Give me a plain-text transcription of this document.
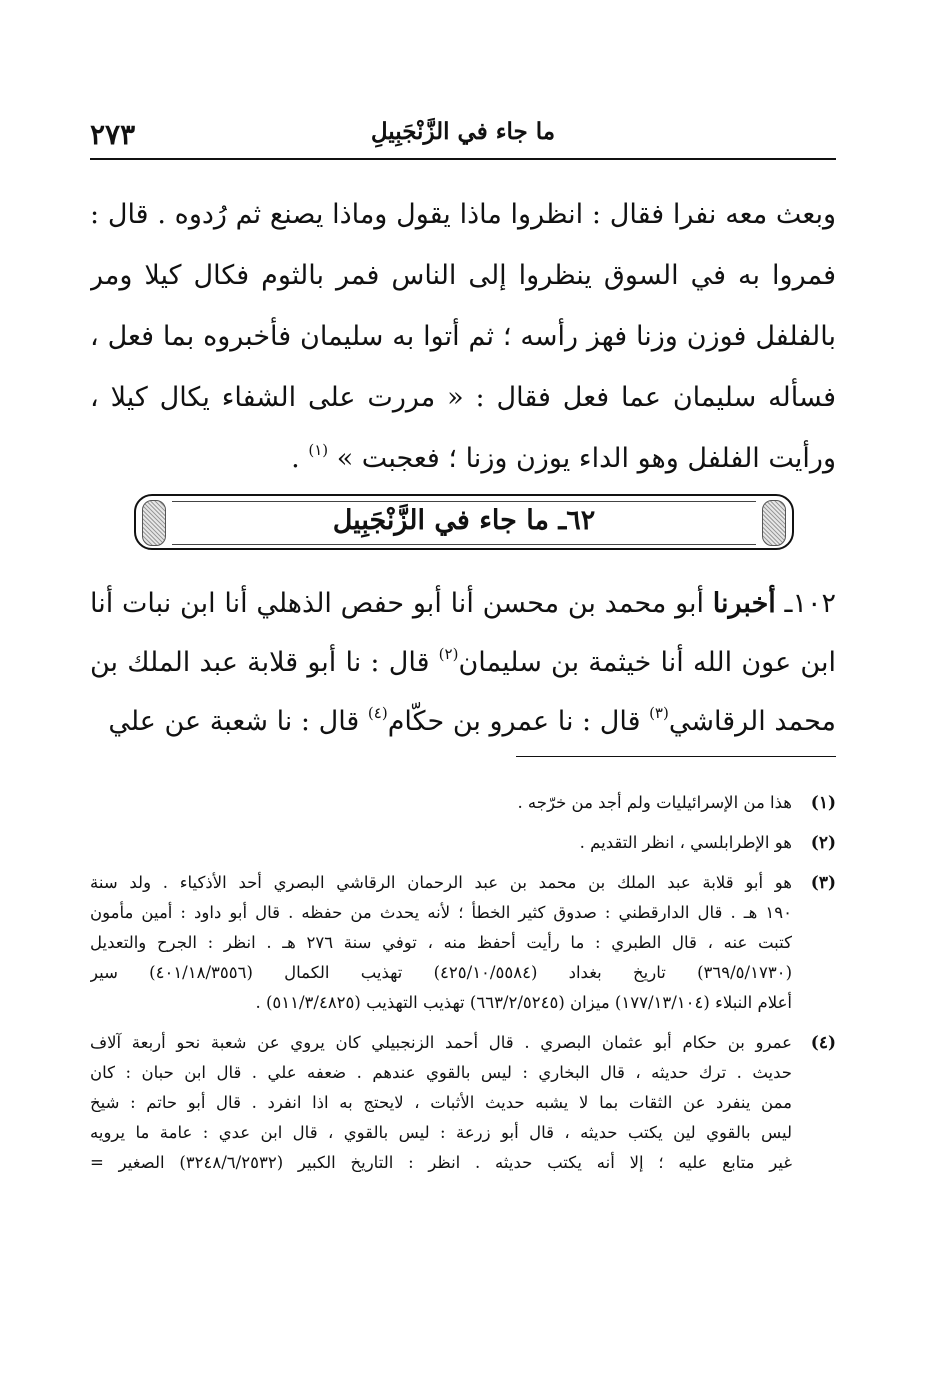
٢٧٣	ما جاء في الزَّنْجَبِيلِ
وبعث معه نفرا فقال : انظروا ماذا يقول وماذا يصنع ثم رُدوه . قال :
فمروا به في السوق ينظروا إلى الناس فمر بالثوم فكال كيلا ومر
بالفلفل فوزن وزنا فهز رأسه ؛ ثم أتوا به سليمان فأخبروه بما فعل ،
فسأله سليمان عما فعل فقال : « مررت على الشفاء يكال كيلا ،
ورأيت الفلفل وهو الداء يوزن وزنا ؛ فعجبت » $^{(١)}$ .
٦٢ـ ما جاء في الزَّنْجَبِيل
١٠٢ـ أخبرنا أبو محمد بن محسن أنا أبو حفص الذهلي أنا ابن نبات أنا
ابن عون الله أنا خيثمة بن سليمان$^{(٢)}$ قال : نا أبو قلابة عبد الملك بن
محمد الرقاشي$^{(٣)}$ قال : نا عمرو بن حكّام$^{(٤)}$ قال : نا شعبة عن علي
(١)
هذا من الإسرائيليات ولم أجد من خرّجه .
(٢)
هو الإطرابلسي ، انظر التقديم .
(٣)
هو أبو قلابة عبد الملك بن محمد بن عبد الرحمان الرقاشي البصري أحد الأذكياء . ولد سنة
١٩٠ هـ . قال الدارقطني : صدوق كثير الخطأ ؛ لأنه يحدث من حفظه . قال أبو داود : أمين مأمون
كتبت عنه ، قال الطبري : ما رأيت أحفظ منه ، توفي سنة ٢٧٦ هـ . انظر : الجرح والتعديل
(٣٦٩/٥/١٧٣٠) تاريخ بغداد (٤٢٥/١٠/٥٥٨٤) تهذيب الكمال (٤٠١/١٨/٣٥٥٦) سير
أعلام النبلاء (١٧٧/١٣/١٠٤) ميزان (٦٦٣/٢/٥٢٤٥) تهذيب التهذيب (٥١١/٣/٤٨٢٥) .
(٤)
عمرو بن حكام أبو عثمان البصري . قال أحمد الزنجبيلي كان يروي عن شعبة نحو أربعة آلاف
حديث . ترك حديثه ، قال البخاري : ليس بالقوي عندهم . ضعفه علي . قال ابن حبان : كان
ممن ينفرد عن الثقات بما لا يشبه حديث الأثبات ، لايحتج به اذا انفرد . قال أبو حاتم : شيخ
ليس بالقوي لين يكتب حديثه ، قال أبو زرعة : ليس بالقوي ، قال ابن عدي : عامة ما يرويه
غير متابع عليه ؛ إلا أنه يكتب حديثه . انظر : التاريخ الكبير (٣٢٤٨/٦/٢٥٣٢) الصغير =
